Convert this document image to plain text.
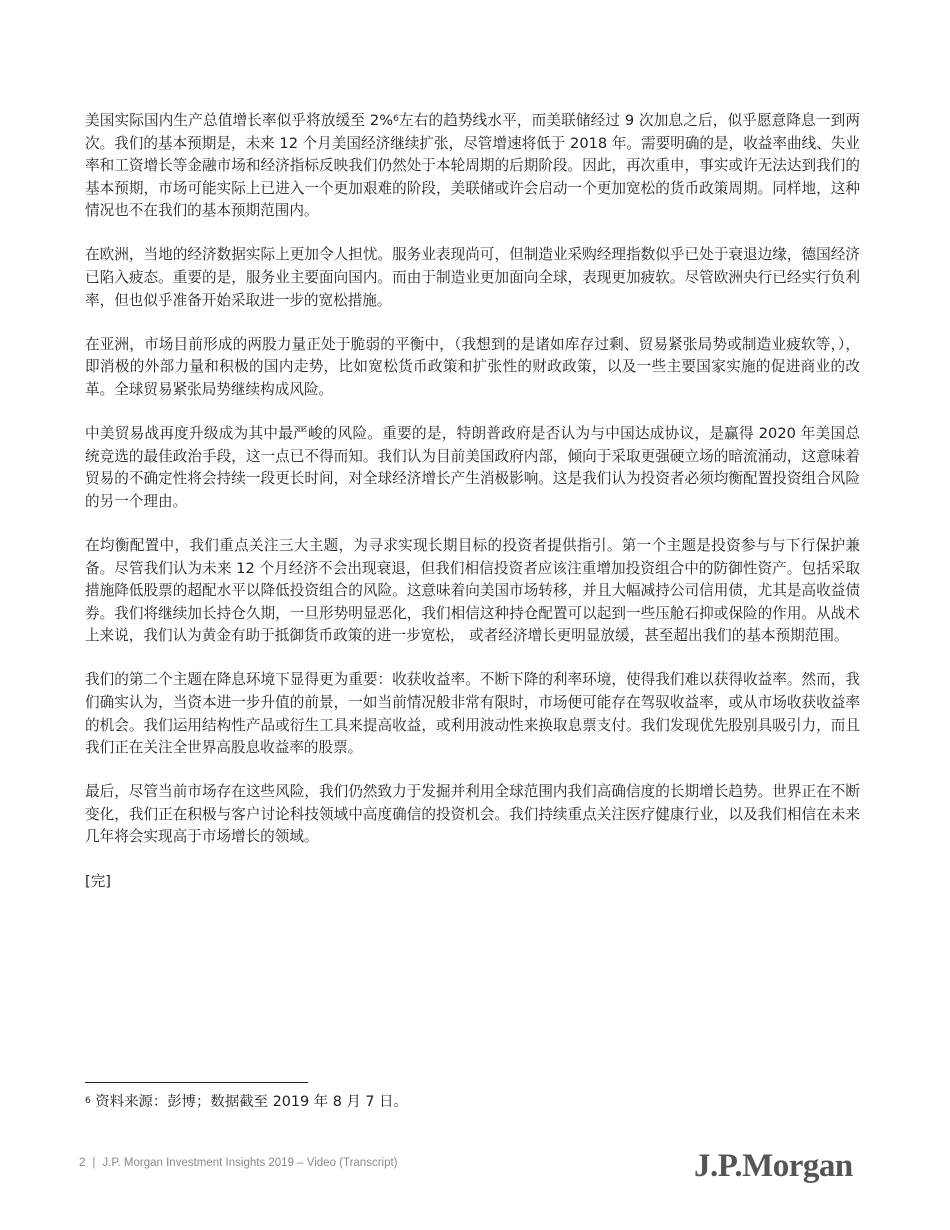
美国实际国内生产总值增长率似乎将放缓至 2%$^6$左右的趋势线水平，而美联储经过 9 次加息之后，似乎愿意降息一到两次。我们的基本预期是，未来 12 个月美国经济继续扩张，尽管增速将低于 2018 年。需要明确的是，收益率曲线、失业率和工资增长等金融市场和经济指标反映我们仍然处于本轮周期的后期阶段。因此，再次重申，事实或许无法达到我们的基本预期，市场可能实际上已进入一个更加艰难的阶段，美联储或许会启动一个更加宽松的货币政策周期。同样地，这种情况也不在我们的基本预期范围内。

在欧洲，当地的经济数据实际上更加令人担忧。服务业表现尚可，但制造业采购经理指数似乎已处于衰退边缘，德国经济已陷入疲态。重要的是，服务业主要面向国内。而由于制造业更加面向全球，表现更加疲软。尽管欧洲央行已经实行负利率，但也似乎准备开始采取进一步的宽松措施。

在亚洲，市场目前形成的两股力量正处于脆弱的平衡中，（我想到的是诸如库存过剩、贸易紧张局势或制造业疲软等，），即消极的外部力量和积极的国内走势，比如宽松货币政策和扩张性的财政政策，以及一些主要国家实施的促进商业的改革。全球贸易紧张局势继续构成风险。

中美贸易战再度升级成为其中最严峻的风险。重要的是，特朗普政府是否认为与中国达成协议，是赢得 2020 年美国总统竞选的最佳政治手段，这一点已不得而知。我们认为目前美国政府内部，倾向于采取更强硬立场的暗流涌动，这意味着贸易的不确定性将会持续一段更长时间，对全球经济增长产生消极影响。这是我们认为投资者必须均衡配置投资组合风险的另一个理由。

在均衡配置中，我们重点关注三大主题，为寻求实现长期目标的投资者提供指引。第一个主题是投资参与与下行保护兼备。尽管我们认为未来 12 个月经济不会出现衰退，但我们相信投资者应该注重增加投资组合中的防御性资产。包括采取措施降低股票的超配水平以降低投资组合的风险。这意味着向美国市场转移，并且大幅减持公司信用债，尤其是高收益债券。我们将继续加长持仓久期，一旦形势明显恶化，我们相信这种持仓配置可以起到一些压舱石抑或保险的作用。从战术上来说，我们认为黄金有助于抵御货币政策的进一步宽松， 或者经济增长更明显放缓，甚至超出我们的基本预期范围。

我们的第二个主题在降息环境下显得更为重要：收获收益率。不断下降的利率环境，使得我们难以获得收益率。然而，我们确实认为，当资本进一步升值的前景，一如当前情况般非常有限时，市场便可能存在驾驭收益率，或从市场收获收益率的机会。我们运用结构性产品或衍生工具来提高收益，或利用波动性来换取息票支付。我们发现优先股别具吸引力，而且我们正在关注全世界高股息收益率的股票。

最后，尽管当前市场存在这些风险，我们仍然致力于发掘并利用全球范围内我们高确信度的长期增长趋势。世界正在不断变化，我们正在积极与客户讨论科技领域中高度确信的投资机会。我们持续重点关注医疗健康行业，以及我们相信在未来几年将会实现高于市场增长的领域。

[完]

$^6$ 资料来源：彭博；数据截至 2019 年 8 月 7 日。
2 | J.P. Morgan Investment Insights 2019 – Video (Transcript)	J.P.Morgan
